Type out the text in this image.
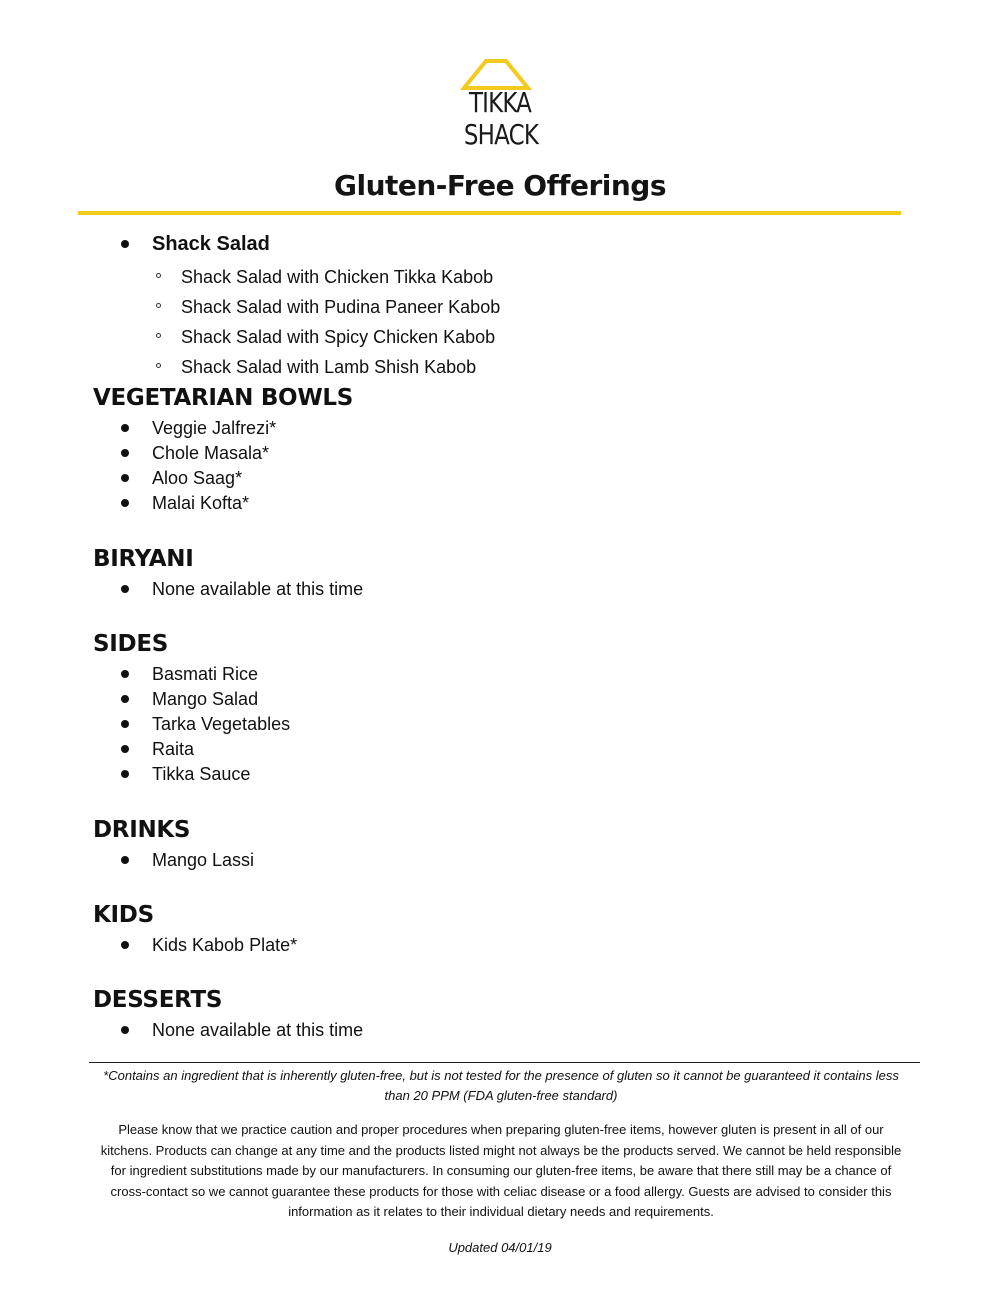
TIKKA
SHACK
Gluten-Free Offerings
Shack Salad
Shack Salad with Chicken Tikka Kabob
Shack Salad with Pudina Paneer Kabob
Shack Salad with Spicy Chicken Kabob
Shack Salad with Lamb Shish Kabob
VEGETARIAN BOWLS
Veggie Jalfrezi*
Chole Masala*
Aloo Saag*
Malai Kofta*
BIRYANI
None available at this time
SIDES
Basmati Rice
Mango Salad
Tarka Vegetables
Raita
Tikka Sauce
DRINKS
Mango Lassi
KIDS
Kids Kabob Plate*
DESSERTS
None available at this time
*Contains an ingredient that is inherently gluten-free, but is not tested for the presence of gluten so it cannot be guaranteed it contains less than 20 PPM (FDA gluten-free standard)
Please know that we practice caution and proper procedures when preparing gluten-free items, however gluten is present in all of our kitchens. Products can change at any time and the products listed might not always be the products served. We cannot be held responsible for ingredient substitutions made by our manufacturers. In consuming our gluten-free items, be aware that there still may be a chance of cross-contact so we cannot guarantee these products for those with celiac disease or a food allergy. Guests are advised to consider this information as it relates to their individual dietary needs and requirements.
Updated 04/01/19
